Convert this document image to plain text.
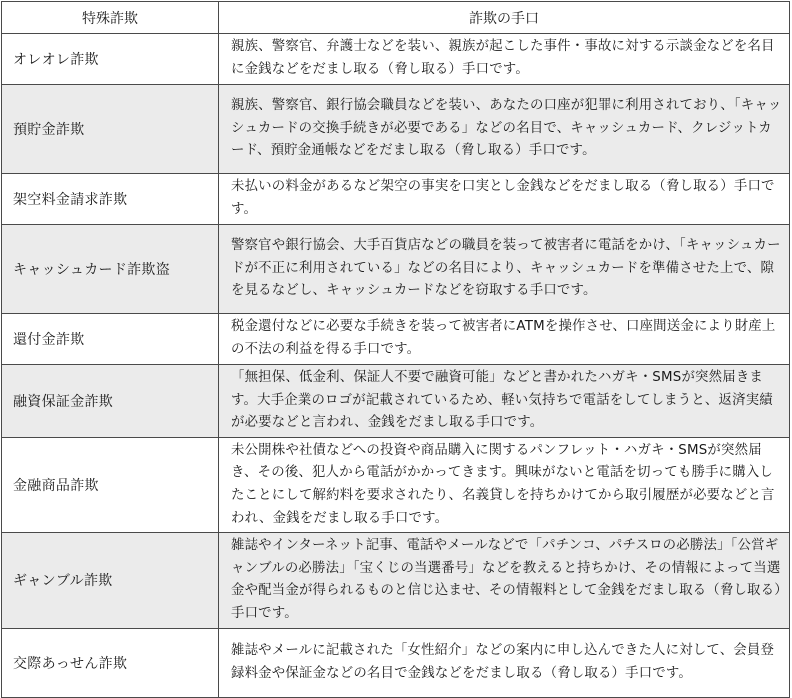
特殊詐欺	詐欺の手口
オレオレ詐欺	親族、警察官、弁護士などを装い、親族が起こした事件・事故に対する示談金などを名目に金銭などをだまし取る（脅し取る）手口です。
預貯金詐欺	親族、警察官、銀行協会職員などを装い、あなたの口座が犯罪に利用されており、「キャッシュカードの交換手続きが必要である」などの名目で、キャッシュカード、クレジットカード、預貯金通帳などをだまし取る（脅し取る）手口です。
架空料金請求詐欺	未払いの料金があるなど架空の事実を口実とし金銭などをだまし取る（脅し取る）手口です。
キャッシュカード詐欺盗	警察官や銀行協会、大手百貨店などの職員を装って被害者に電話をかけ、「キャッシュカードが不正に利用されている」などの名目により、キャッシュカードを準備させた上で、隙を見るなどし、キャッシュカードなどを窃取する手口です。
還付金詐欺	税金還付などに必要な手続きを装って被害者にATMを操作させ、口座間送金により財産上の不法の利益を得る手口です。
融資保証金詐欺	「無担保、低金利、保証人不要で融資可能」などと書かれたハガキ・SMSが突然届きます。大手企業のロゴが記載されているため、軽い気持ちで電話をしてしまうと、返済実績が必要などと言われ、金銭をだまし取る手口です。
金融商品詐欺	未公開株や社債などへの投資や商品購入に関するパンフレット・ハガキ・SMSが突然届き、その後、犯人から電話がかかってきます。興味がないと電話を切っても勝手に購入したことにして解約料を要求されたり、名義貸しを持ちかけてから取引履歴が必要などと言われ、金銭をだまし取る手口です。
ギャンブル詐欺	雑誌やインターネット記事、電話やメールなどで「パチンコ、パチスロの必勝法」「公営ギャンブルの必勝法」「宝くじの当選番号」などを教えると持ちかけ、その情報によって当選金や配当金が得られるものと信じ込ませ、その情報料として金銭をだまし取る（脅し取る）手口です。
交際あっせん詐欺	雑誌やメールに記載された「女性紹介」などの案内に申し込んできた人に対して、会員登録料金や保証金などの名目で金銭などをだまし取る（脅し取る）手口です。
